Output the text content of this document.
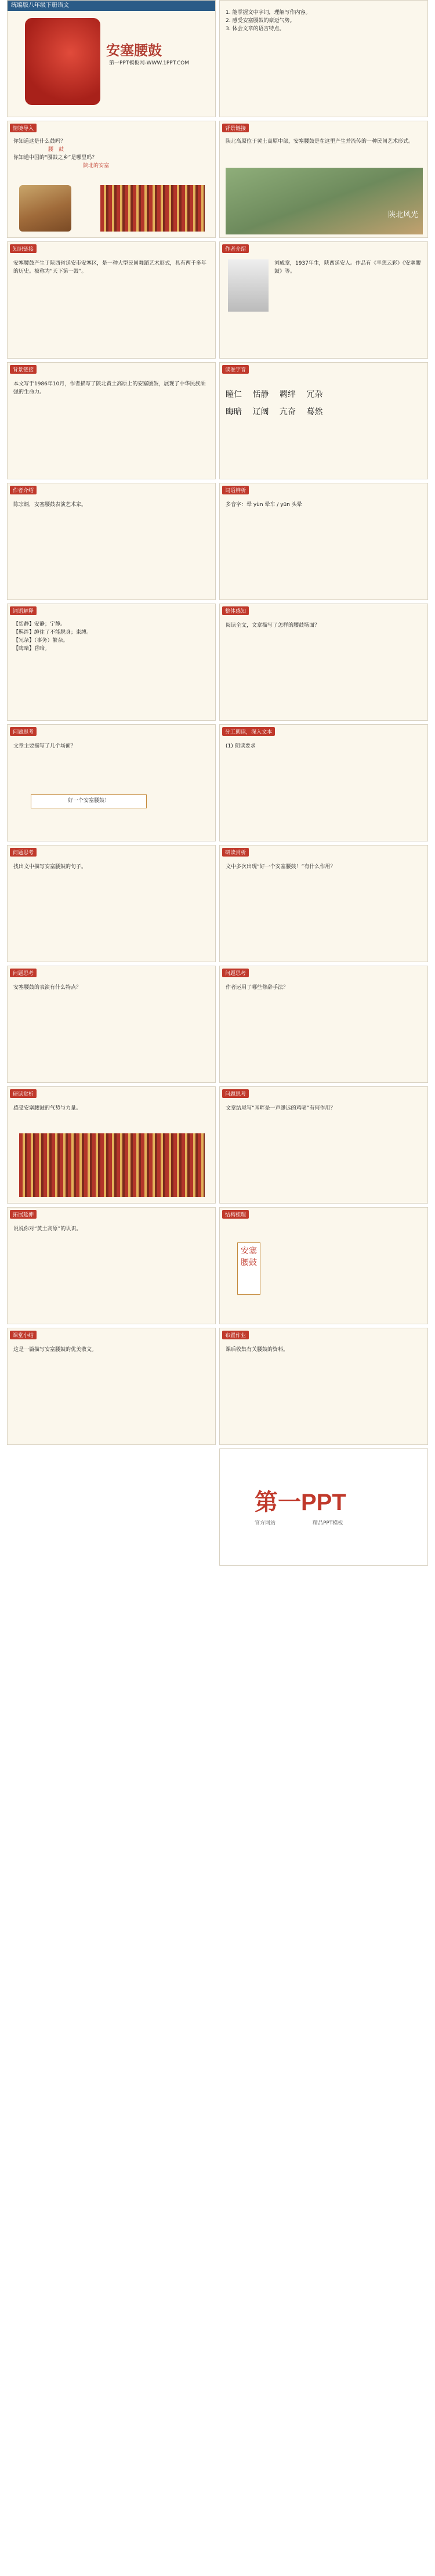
统编版八年级下册语文
安塞腰鼓
第一PPT模板网-WWW.1PPT.COM
1. 能掌握文中字词，理解写作内容。
2. 感受安塞腰鼓的豪迈气势。
3. 体会文章的语言特点。
情境导入
你知道这是什么鼓吗？
腰　鼓
你知道中国的“腰鼓之乡”是哪里吗？
陕北的安塞
背景链接
陕北高原位于黄土高原中部，安塞腰鼓是在这里产生并流传的一种民间艺术形式。
陕北风光
知识链接
安塞腰鼓产生于陕西省延安市安塞区，是一种大型民间舞蹈艺术形式，具有两千多年的历史。被称为“天下第一鼓”。
作者介绍
刘成章，1937年生，陕西延安人。作品有《羊想云彩》《安塞腰鼓》等。
背景链接
本文写于1986年10月，作者描写了陕北黄土高原上的安塞腰鼓，展现了中华民族顽强的生命力。
读准字音
瞳仁　 恬静　 羁绊　 冗杂
晦暗　 辽阔　 亢奋　 蓦然
作者介绍
陈宗炳，安塞腰鼓表演艺术家。
词语辨析
多音字：晕 yùn 晕车 / yūn 头晕
词语解释
【恬静】安静；宁静。
【羁绊】缠住了不能脱身；束缚。
【冗杂】（事务）繁杂。
【晦暗】昏暗。
整体感知
阅读全文，文章描写了怎样的腰鼓场面？
问题思考
文章主要描写了几个场面？
好一个安塞腰鼓！
分工朗读，深入文本
(1) 朗读要求
问题思考
找出文中描写安塞腰鼓的句子。
研读赏析
文中多次出现“好一个安塞腰鼓！”有什么作用？
问题思考
安塞腰鼓的表演有什么特点？
问题思考
作者运用了哪些修辞手法？
研读赏析
感受安塞腰鼓的气势与力量。
问题思考
文章结尾写“耳畔是一声渺远的鸡啼”有何作用？
拓展延伸
说说你对“黄土高原”的认识。
结构梳理
安塞腰鼓
课堂小结
这是一篇描写安塞腰鼓的优美散文。
布置作业
课后收集有关腰鼓的资料。
第一PPT
官方网站	精品PPT模板
